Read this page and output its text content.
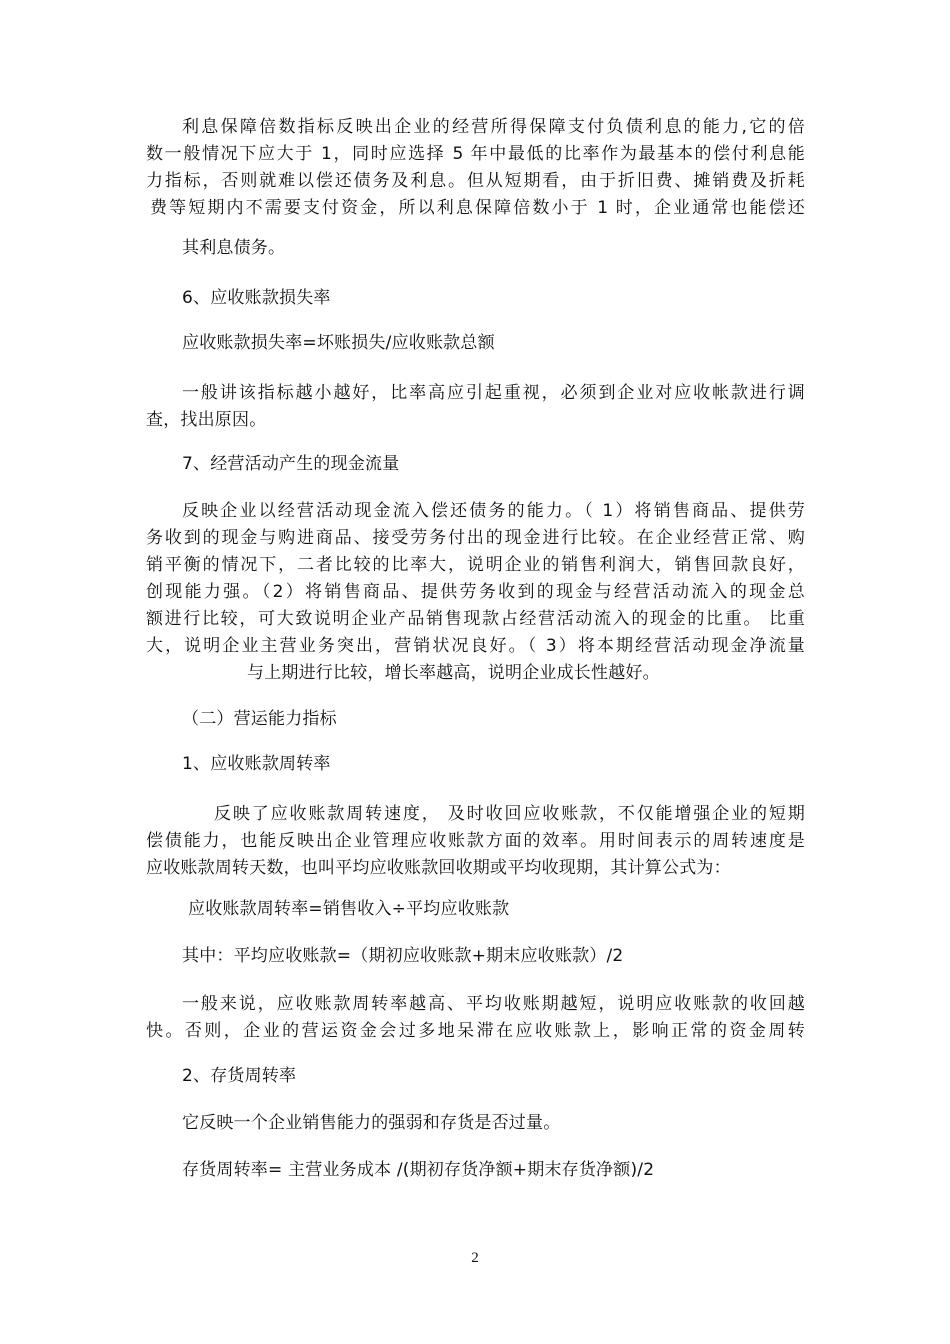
利息保障倍数指标反映出企业的经营所得保障支付负债利息的能力,它的倍

数一般情况下应大于 1，同时应选择 5 年中最低的比率作为最基本的偿付利息能

力指标，否则就难以偿还债务及利息。但从短期看，由于折旧费、摊销费及折耗

费等短期内不需要支付资金，所以利息保障倍数小于 1 时，企业通常也能偿还

其利息债务。

6、应收账款损失率

应收账款损失率=坏账损失/应收账款总额

一般讲该指标越小越好，比率高应引起重视，必须到企业对应收帐款进行调

查，找出原因。

7、经营活动产生的现金流量

反映企业以经营活动现金流入偿还债务的能力。（ 1）将销售商品、提供劳

务收到的现金与购进商品、接受劳务付出的现金进行比较。在企业经营正常、购

销平衡的情况下，二者比较的比率大，说明企业的销售利润大，销售回款良好，

创现能力强。（2）将销售商品、提供劳务收到的现金与经营活动流入的现金总

额进行比较，可大致说明企业产品销售现款占经营活动流入的现金的比重。 比重

大，说明企业主营业务突出，营销状况良好。（ 3）将本期经营活动现金净流量

与上期进行比较，增长率越高，说明企业成长性越好。

（二）营运能力指标

1、应收账款周转率

反映了应收账款周转速度， 及时收回应收账款，不仅能增强企业的短期

偿债能力，也能反映出企业管理应收账款方面的效率。用时间表示的周转速度是

应收账款周转天数，也叫平均应收账款回收期或平均收现期，其计算公式为：

应收账款周转率=销售收入÷平均应收账款

其中：平均应收账款=（期初应收账款+期末应收账款）/2

一般来说，应收账款周转率越高、平均收账期越短，说明应收账款的收回越

快。否则，企业的营运资金会过多地呆滞在应收账款上，影响正常的资金周转

2、存货周转率

它反映一个企业销售能力的强弱和存货是否过量。

存货周转率= 主营业务成本 /(期初存货净额+期末存货净额)/2

2
